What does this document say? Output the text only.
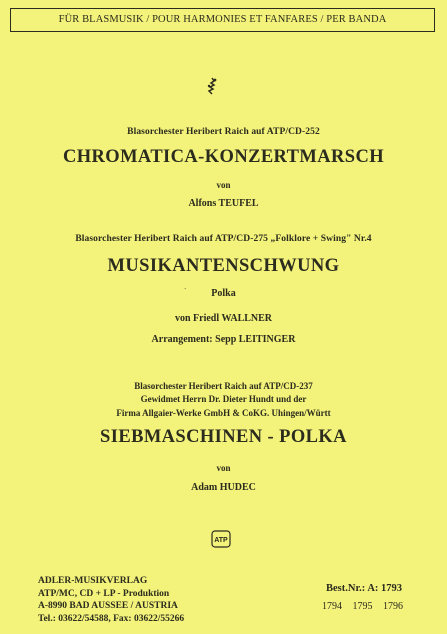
FÜR BLASMUSIK / POUR HARMONIES ET FANFARES / PER BANDA
Blasorchester Heribert Raich auf ATP/CD-252
CHROMATICA-KONZERTMARSCH
von
Alfons TEUFEL
Blasorchester Heribert Raich auf ATP/CD-275 „Folklore + Swing" Nr.4
MUSIKANTENSCHWUNG
´	Polka
von Friedl WALLNER
Arrangement: Sepp LEITINGER
Blasorchester Heribert Raich auf ATP/CD-237
Gewidmet Herrn Dr. Dieter Hundt und der
Firma Allgaier-Werke GmbH & CoKG. Uhingen/Württ
SIEBMASCHINEN - POLKA
von
Adam HUDEC
ATP
ADLER-MUSIKVERLAG
ATP/MC, CD + LP - Produktion
A-8990 BAD AUSSEE / AUSTRIA
Tel.: 03622/54588, Fax: 03622/55266
Best.Nr.: A: 1793
1794 1795 1796
